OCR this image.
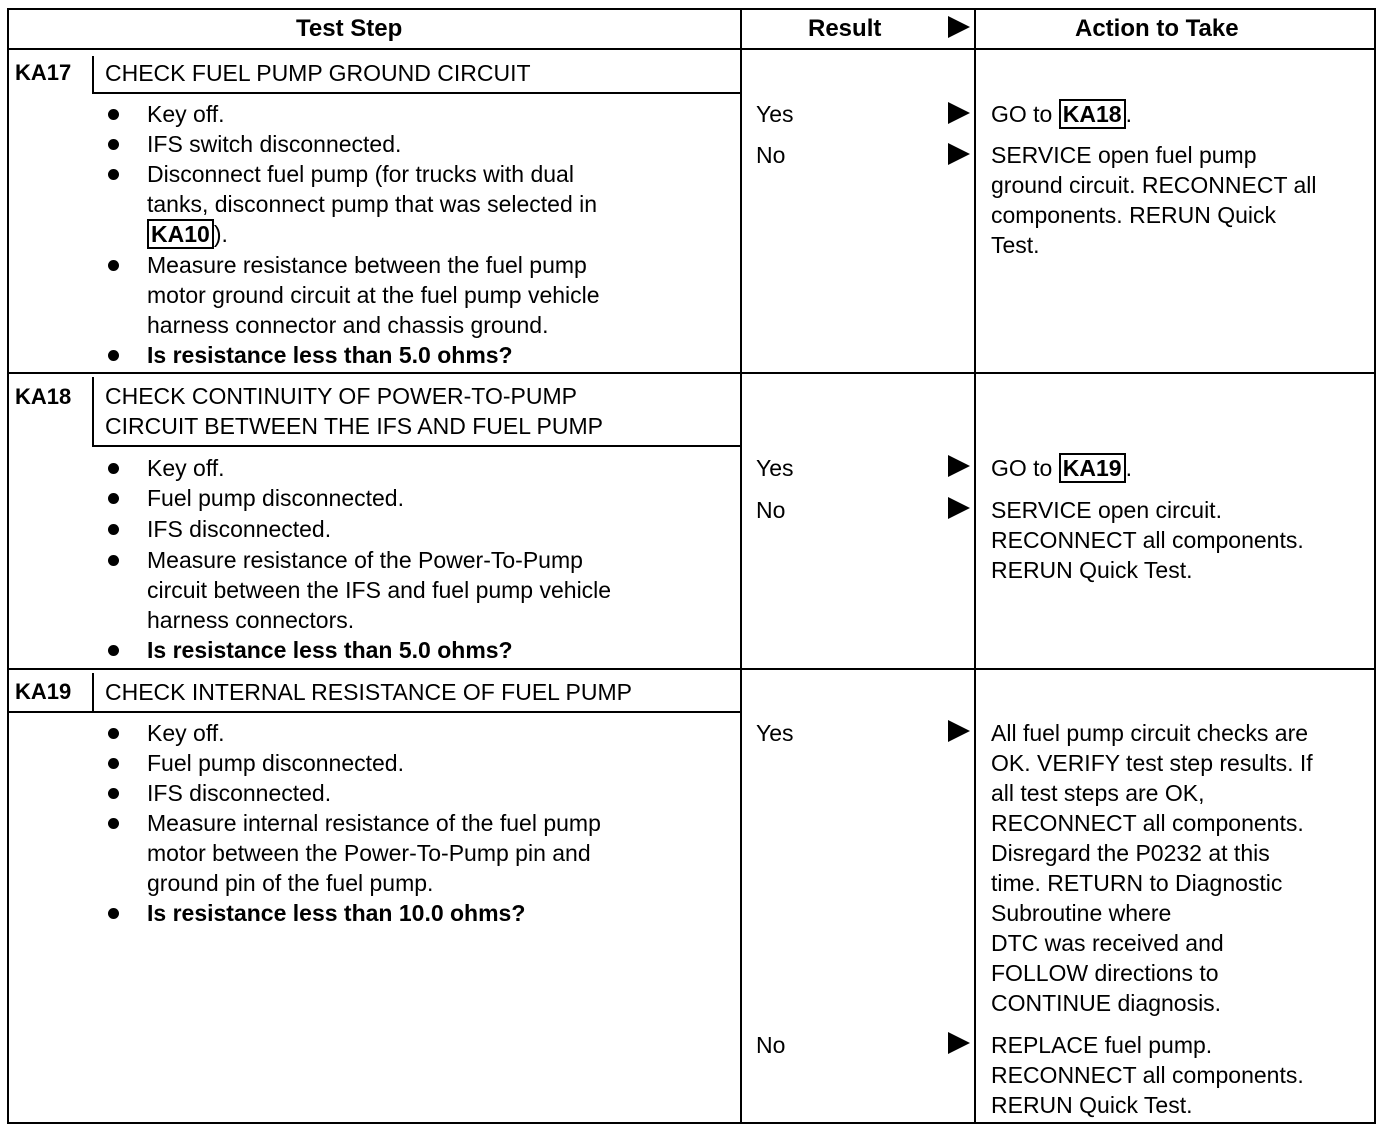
Test Step	Result	Action to Take
KA17 CHECK FUEL PUMP GROUND CIRCUIT
Key off.
IFS switch disconnected.
Disconnect fuel pump (for trucks with dual
tanks, disconnect pump that was selected in
KA10 ).
Measure resistance between the fuel pump
motor ground circuit at the fuel pump vehicle
harness connector and chassis ground.
Is resistance less than 5.0 ohms?
Yes
No
GO to KA18 .
SERVICE open fuel pump
ground circuit. RECONNECT all
components. RERUN Quick
Test.
KA18 CHECK CONTINUITY OF POWER-TO-PUMP
CIRCUIT BETWEEN THE IFS AND FUEL PUMP
Key off.
Fuel pump disconnected.
IFS disconnected.
Measure resistance of the Power-To-Pump
circuit between the IFS and fuel pump vehicle
harness connectors.
Is resistance less than 5.0 ohms?
Yes
No
GO to KA19 .
SERVICE open circuit.
RECONNECT all components.
RERUN Quick Test.
KA19 CHECK INTERNAL RESISTANCE OF FUEL PUMP
Key off.
Fuel pump disconnected.
IFS disconnected.
Measure internal resistance of the fuel pump
motor between the Power-To-Pump pin and
ground pin of the fuel pump.
Is resistance less than 10.0 ohms?
Yes
No
All fuel pump circuit checks are
OK. VERIFY test step results. If
all test steps are OK,
RECONNECT all components.
Disregard the P0232 at this
time. RETURN to Diagnostic
Subroutine where
DTC was received and
FOLLOW directions to
CONTINUE diagnosis.
REPLACE fuel pump.
RECONNECT all components.
RERUN Quick Test.
